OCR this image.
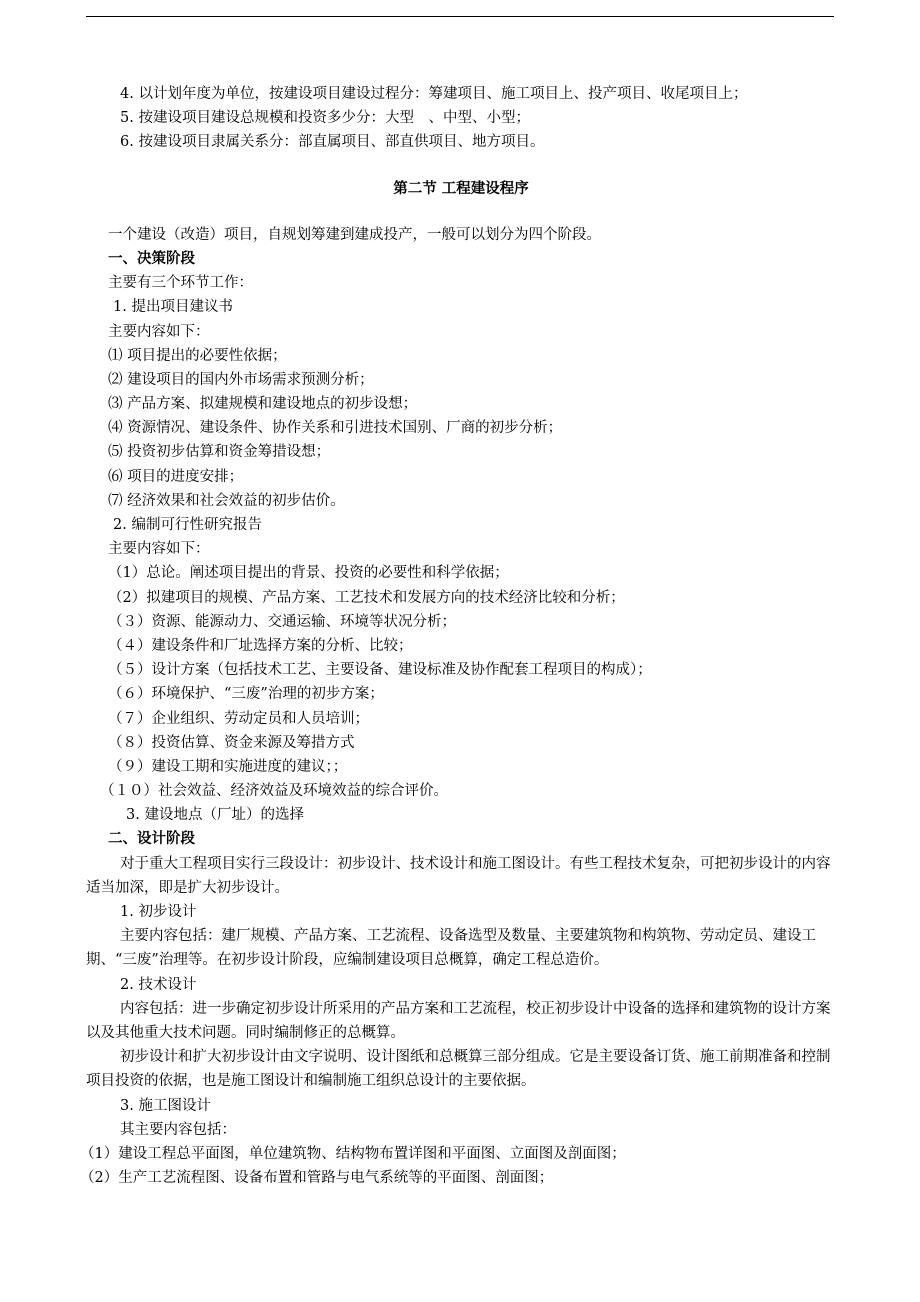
4. 以计划年度为单位，按建设项目建设过程分：筹建项目、施工项目上、投产项目、收尾项目上；
5. 按建设项目建设总规模和投资多少分：大型　、中型、小型；
6. 按建设项目隶属关系分：部直属项目、部直供项目、地方项目。
第二节 工程建设程序
一个建设（改造）项目，自规划筹建到建成投产，一般可以划分为四个阶段。
一、决策阶段
主要有三个环节工作：
1. 提出项目建议书
主要内容如下：
⑴ 项目提出的必要性依据；
⑵ 建设项目的国内外市场需求预测分析；
⑶ 产品方案、拟建规模和建设地点的初步设想；
⑷ 资源情况、建设条件、协作关系和引进技术国别、厂商的初步分析；
⑸ 投资初步估算和资金筹措设想；
⑹ 项目的进度安排；
⑺ 经济效果和社会效益的初步估价。
2. 编制可行性研究报告
主要内容如下：
（1）总论。阐述项目提出的背景、投资的必要性和科学依据；
（2）拟建项目的规模、产品方案、工艺技术和发展方向的技术经济比较和分析；
（３）资源、能源动力、交通运输、环境等状况分析；
（４）建设条件和厂址选择方案的分析、比较；
（５）设计方案（包括技术工艺、主要设备、建设标准及协作配套工程项目的构成）；
（６）环境保护、“三废”治理的初步方案；
（７）企业组织、劳动定员和人员培训；
（８）投资估算、资金来源及筹措方式
（９）建设工期和实施进度的建议；；
（１０）社会效益、经济效益及环境效益的综合评价。
3. 建设地点（厂址）的选择
二、设计阶段
对于重大工程项目实行三段设计：初步设计、技术设计和施工图设计。有些工程技术复杂，可把初步设计的内容适当加深，即是扩大初步设计。
1. 初步设计
主要内容包括：建厂规模、产品方案、工艺流程、设备选型及数量、主要建筑物和构筑物、劳动定员、建设工期、“三废”治理等。在初步设计阶段，应编制建设项目总概算，确定工程总造价。
2. 技术设计
内容包括：进一步确定初步设计所采用的产品方案和工艺流程，校正初步设计中设备的选择和建筑物的设计方案以及其他重大技术问题。同时编制修正的总概算。
初步设计和扩大初步设计由文字说明、设计图纸和总概算三部分组成。它是主要设备订货、施工前期准备和控制项目投资的依据，也是施工图设计和编制施工组织总设计的主要依据。
3. 施工图设计
其主要内容包括：
（1）建设工程总平面图，单位建筑物、结构物布置详图和平面图、立面图及剖面图；
（2）生产工艺流程图、设备布置和管路与电气系统等的平面图、剖面图；
